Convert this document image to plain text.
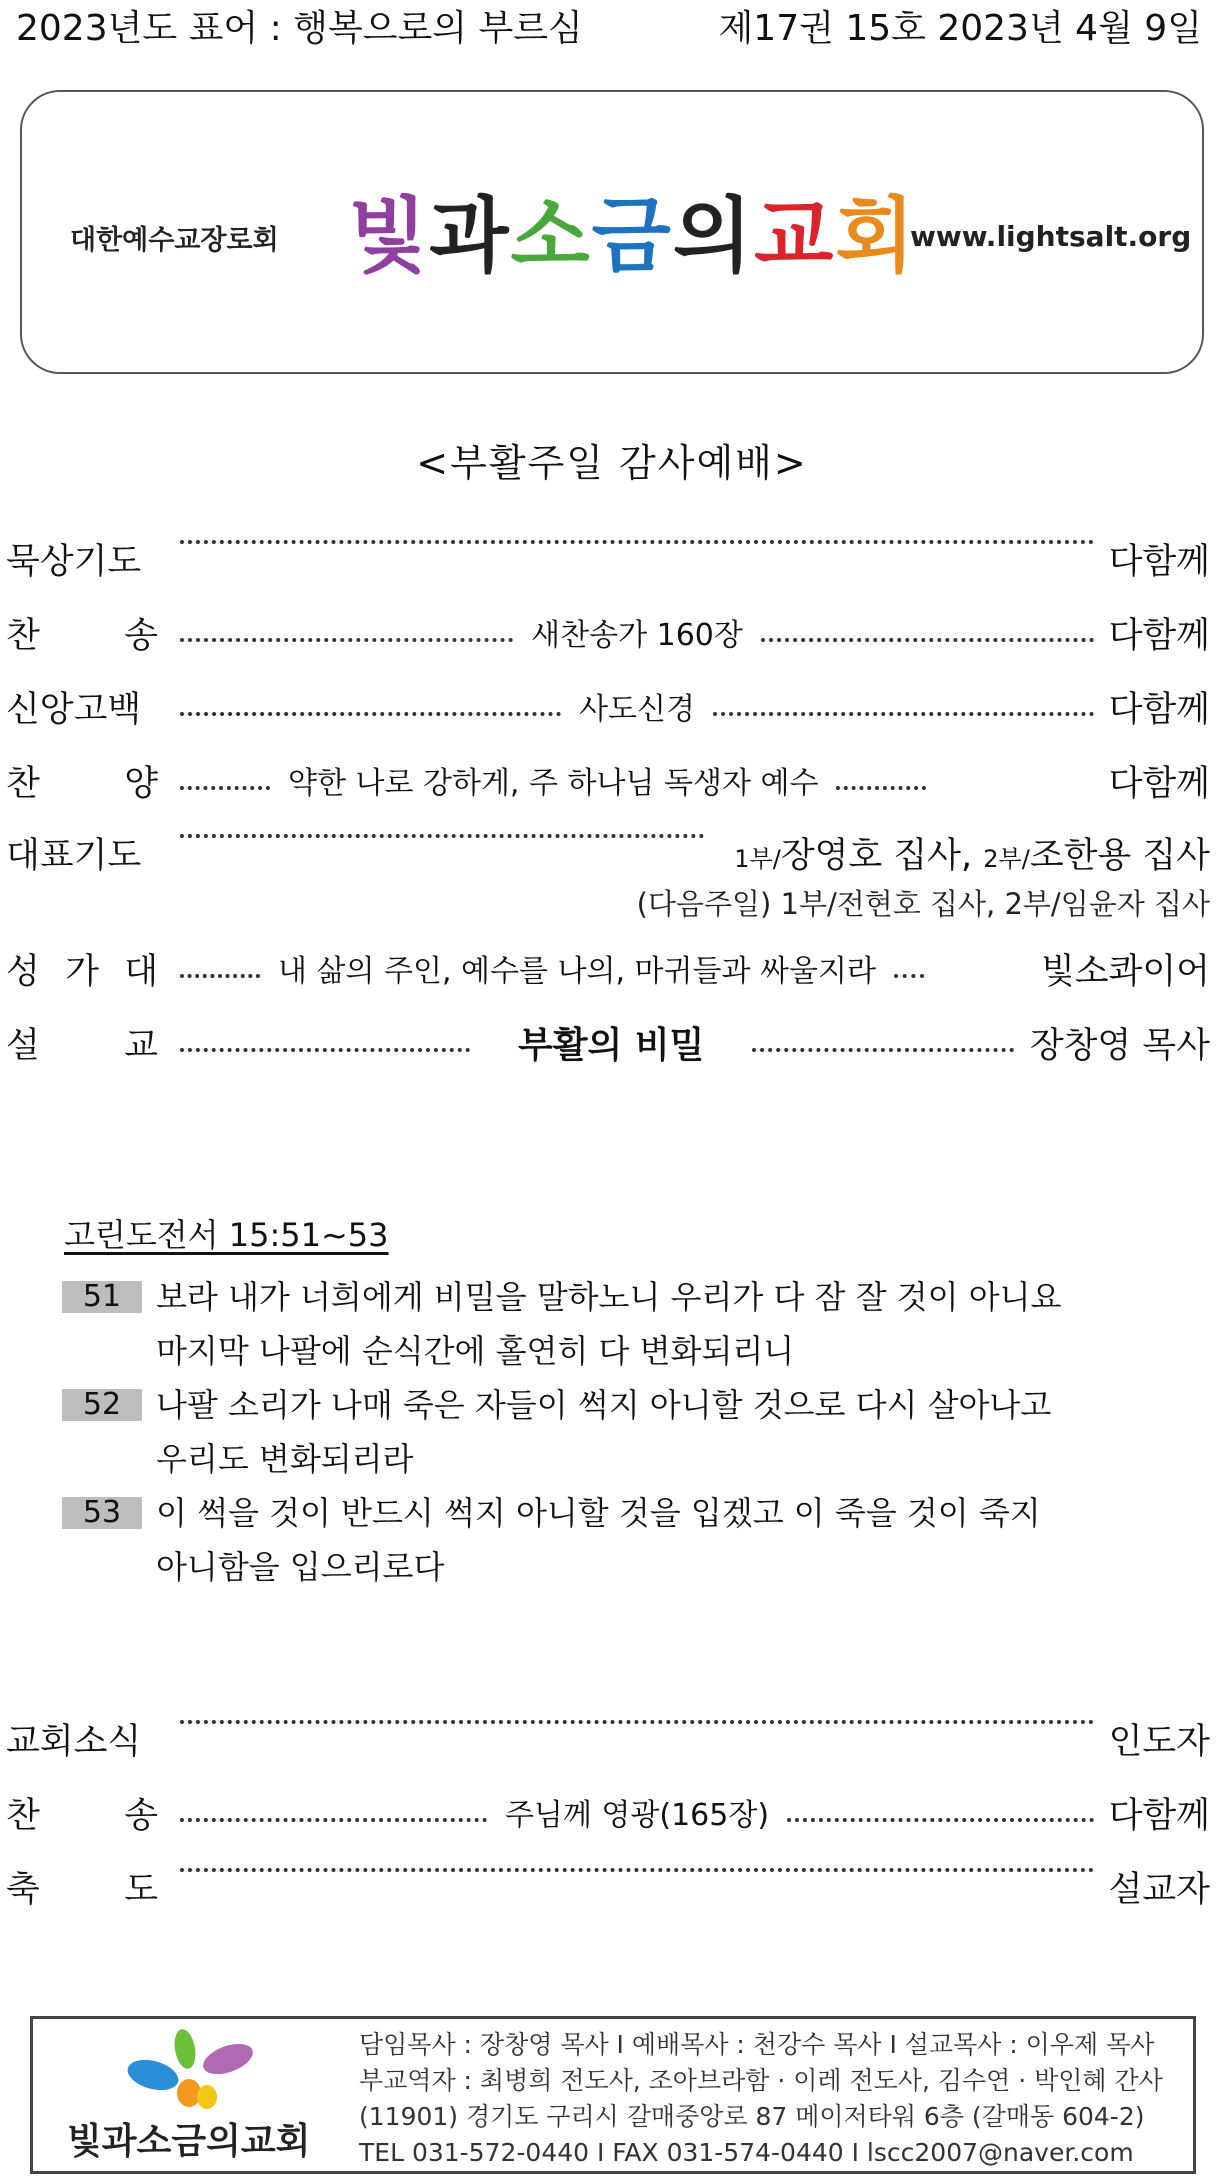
2023년도 표어 : 행복으로의 부르심	제17권 15호 2023년 4월 9일
대한예수교장로회 빛과소금의교회
www.lightsalt.org
<부활주일 감사예배>
묵상기도	다함께
찬 송	새찬송가 160장	다함께
신앙고백	사도신경	다함께
찬 양	약한 나로 강하게, 주 하나님 독생자 예수	다함께
대표기도	1부/장영호 집사, 2부/조한용 집사
(다음주일) 1부/전현호 집사, 2부/임윤자 집사
성 가 대	내 삶의 주인, 예수를 나의, 마귀들과 싸울지라	빛소콰이어
설 교	부활의 비밀	장창영 목사
고린도전서 15:51~53
51	보라 내가 너희에게 비밀을 말하노니 우리가 다 잠 잘 것이 아니요
마지막 나팔에 순식간에 홀연히 다 변화되리니
52	나팔 소리가 나매 죽은 자들이 썩지 아니할 것으로 다시 살아나고
우리도 변화되리라
53	이 썩을 것이 반드시 썩지 아니할 것을 입겠고 이 죽을 것이 죽지
아니함을 입으리로다
교회소식	인도자
찬 송	주님께 영광(165장)	다함께
축 도	설교자
빛과소금의교회
담임목사 : 장창영 목사 I 예배목사 : 천강수 목사 I 설교목사 : 이우제 목사
부교역자 : 최병희 전도사, 조아브라함 · 이레 전도사, 김수연 · 박인혜 간사
(11901) 경기도 구리시 갈매중앙로 87 메이저타워 6층 (갈매동 604-2)
TEL 031-572-0440 I FAX 031-574-0440 I lscc2007@naver.com
